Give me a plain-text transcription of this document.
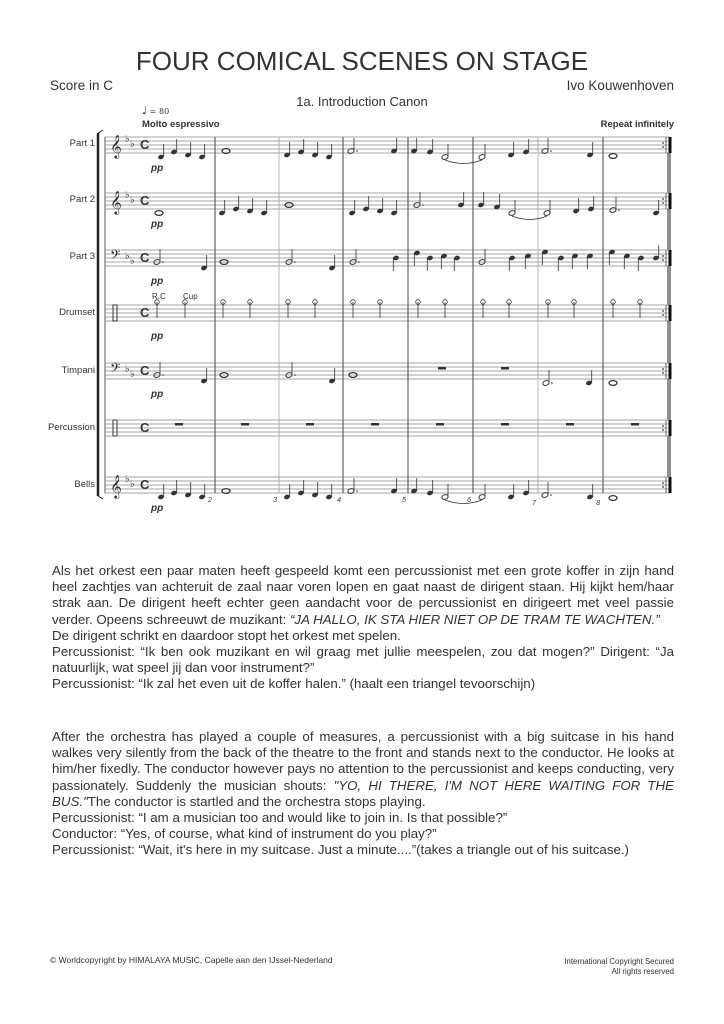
FOUR COMICAL SCENES ON STAGE
Score in C	Ivo Kouwenhoven
1a. Introduction Canon
♩ = 80
Molto espressivo	Repeat infinitely
Part 1
Part 2
Part 3
Drumset
Timpani
Percussion
Bells
𝄞 ♭ ♭ C
pp
𝄞 ♭ ♭ C
pp
𝄢 ♭ ♭ C
pp
C
pp
𝄢 ♭ ♭ C
pp
C
𝄞 ♭ ♭ C
pp
R.C Cup
2	3	4	5	6	7	8

Als het orkest een paar maten heeft gespeeld komt een percussionist met een grote koffer in zijn hand heel zachtjes van achteruit de zaal naar voren lopen en gaat naast de dirigent staan. Hij kijkt hem/haar strak aan. De dirigent heeft echter geen aandacht voor de percussionist en dirigeert met veel passie verder. Opeens schreeuwt de muzikant: “JA HALLO, IK STA HIER NIET OP DE TRAM TE WACHTEN.”

De dirigent schrikt en daardoor stopt het orkest met spelen.

Percussionist: “Ik ben ook muzikant en wil graag met jullie meespelen, zou dat mogen?” Dirigent: “Ja natuurlijk, wat speel jij dan voor instrument?”

Percussionist: “Ik zal het even uit de koffer halen.” (haalt een triangel tevoorschijn)

After the orchestra has played a couple of measures, a percussionist with a big suitcase in his hand walkes very silently from the back of the theatre to the front and stands next to the conductor. He looks at him/her fixedly. The conductor however pays no attention to the percussionist and keeps conducting, very passionately. Suddenly the musician shouts: "YO, HI THERE, I'M NOT HERE WAITING FOR THE BUS."The conductor is startled and the orchestra stops playing.

Percussionist: “I am a musician too and would like to join in. Is that possible?”

Conductor: “Yes, of course, what kind of instrument do you play?”

Percussionist: “Wait, it's here in my suitcase. Just a minute....”(takes a triangle out of his suitcase.)

© Worldcopyright by HIMALAYA MUSIC, Capelle aan den IJssel-Nederland	International Copyright Secured
All rights reserved
